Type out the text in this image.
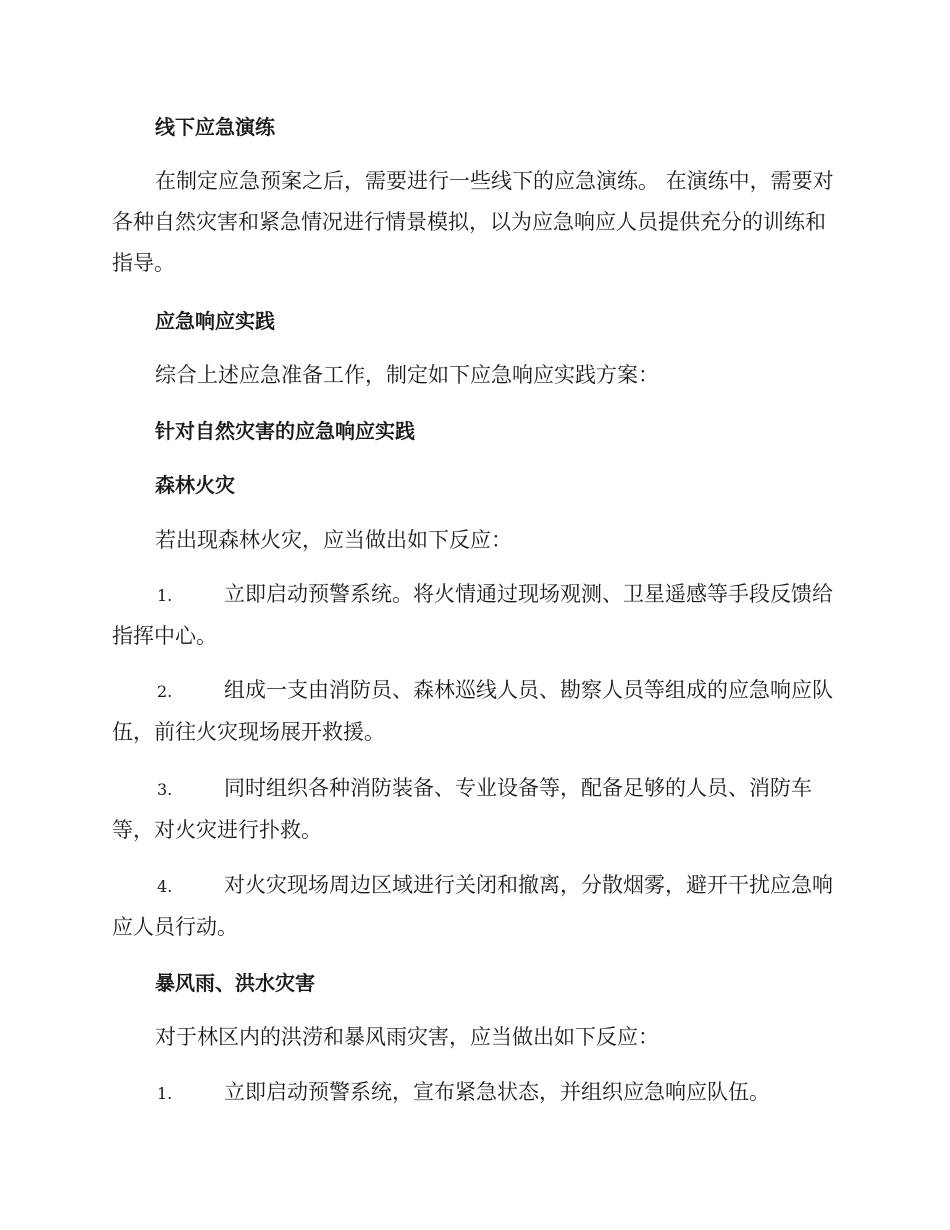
线下应急演练

在制定应急预案之后，需要进行一些线下的应急演练。 在演练中，需要对各种自然灾害和紧急情况进行情景模拟，以为应急响应人员提供充分的训练和指导。

应急响应实践

综合上述应急准备工作，制定如下应急响应实践方案：

针对自然灾害的应急响应实践
森林火灾

若出现森林火灾，应当做出如下反应：

1. 立即启动预警系统。将火情通过现场观测、卫星遥感等手段反馈给指挥中心。

2. 组成一支由消防员、森林巡线人员、勘察人员等组成的应急响应队伍，前往火灾现场展开救援。

3. 同时组织各种消防装备、专业设备等，配备足够的人员、消防车等，对火灾进行扑救。

4. 对火灾现场周边区域进行关闭和撤离，分散烟雾，避开干扰应急响应人员行动。

暴风雨、洪水灾害

对于林区内的洪涝和暴风雨灾害，应当做出如下反应：

1. 立即启动预警系统，宣布紧急状态，并组织应急响应队伍。
